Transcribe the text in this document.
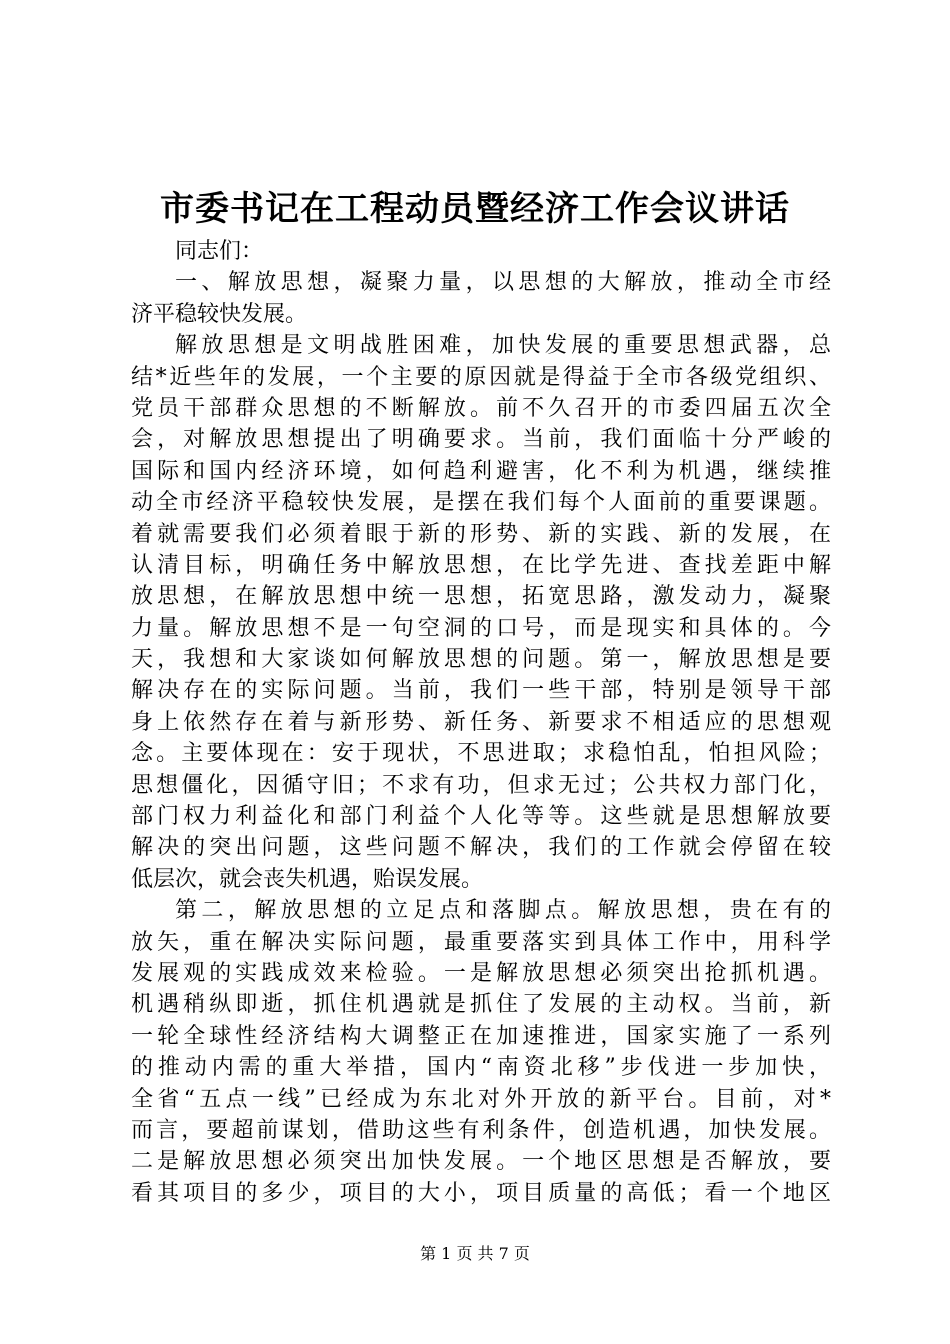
市委书记在工程动员暨经济工作会议讲话
同志们：
一、解放思想，凝聚力量，以思想的大解放，推动全市经
济平稳较快发展。
解放思想是文明战胜困难，加快发展的重要思想武器，总
结*近些年的发展，一个主要的原因就是得益于全市各级党组织、
党员干部群众思想的不断解放。前不久召开的市委四届五次全
会，对解放思想提出了明确要求。当前，我们面临十分严峻的
国际和国内经济环境，如何趋利避害，化不利为机遇，继续推
动全市经济平稳较快发展，是摆在我们每个人面前的重要课题。
着就需要我们必须着眼于新的形势、新的实践、新的发展，在
认清目标，明确任务中解放思想，在比学先进、查找差距中解
放思想，在解放思想中统一思想，拓宽思路，激发动力，凝聚
力量。解放思想不是一句空洞的口号，而是现实和具体的。今
天，我想和大家谈如何解放思想的问题。第一，解放思想是要
解决存在的实际问题。当前，我们一些干部，特别是领导干部
身上依然存在着与新形势、新任务、新要求不相适应的思想观
念。主要体现在：安于现状，不思进取；求稳怕乱，怕担风险；
思想僵化，因循守旧；不求有功，但求无过；公共权力部门化，
部门权力利益化和部门利益个人化等等。这些就是思想解放要
解决的突出问题，这些问题不解决，我们的工作就会停留在较
低层次，就会丧失机遇，贻误发展。
第二，解放思想的立足点和落脚点。解放思想，贵在有的
放矢，重在解决实际问题，最重要落实到具体工作中，用科学
发展观的实践成效来检验。一是解放思想必须突出抢抓机遇。
机遇稍纵即逝，抓住机遇就是抓住了发展的主动权。当前，新
一轮全球性经济结构大调整正在加速推进，国家实施了一系列
的推动内需的重大举措，国内“南资北移”步伐进一步加快，
全省“五点一线”已经成为东北对外开放的新平台。目前，对*
而言，要超前谋划，借助这些有利条件，创造机遇，加快发展。
二是解放思想必须突出加快发展。一个地区思想是否解放，要
看其项目的多少，项目的大小，项目质量的高低；看一个地区
第 1 页 共 7 页
